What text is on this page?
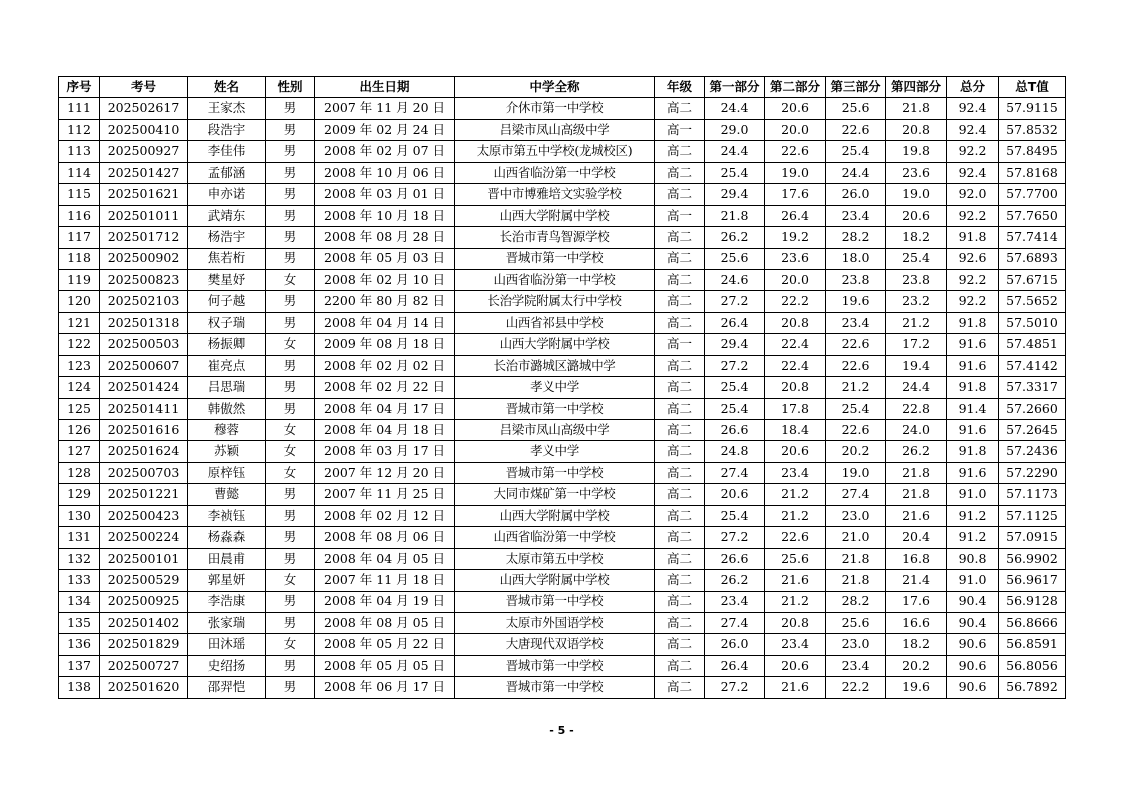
序号	考号	姓名	性别	出生日期	中学全称	年级	第一部分	第二部分	第三部分	第四部分	总分	总T值
111	202502617	王家杰	男	2007 年 11 月 20 日	介休市第一中学校	高二	24.4	20.6	25.6	21.8	92.4	57.9115
112	202500410	段浩宇	男	2009 年 02 月 24 日	吕梁市凤山高级中学	高一	29.0	20.0	22.6	20.8	92.4	57.8532
113	202500927	李佳伟	男	2008 年 02 月 07 日	太原市第五中学校(龙城校区)	高二	24.4	22.6	25.4	19.8	92.2	57.8495
114	202501427	孟郁涵	男	2008 年 10 月 06 日	山西省临汾第一中学校	高二	25.4	19.0	24.4	23.6	92.4	57.8168
115	202501621	申亦诺	男	2008 年 03 月 01 日	晋中市博雅培文实验学校	高二	29.4	17.6	26.0	19.0	92.0	57.7700
116	202501011	武靖东	男	2008 年 10 月 18 日	山西大学附属中学校	高一	21.8	26.4	23.4	20.6	92.2	57.7650
117	202501712	杨浩宇	男	2008 年 08 月 28 日	长治市青鸟智源学校	高二	26.2	19.2	28.2	18.2	91.8	57.7414
118	202500902	焦若桁	男	2008 年 05 月 03 日	晋城市第一中学校	高二	25.6	23.6	18.0	25.4	92.6	57.6893
119	202500823	樊星妤	女	2008 年 02 月 10 日	山西省临汾第一中学校	高二	24.6	20.0	23.8	23.8	92.2	57.6715
120	202502103	何子越	男	2200 年 80 月 82 日	长治学院附属太行中学校	高二	27.2	22.2	19.6	23.2	92.2	57.5652
121	202501318	权子瑞	男	2008 年 04 月 14 日	山西省祁县中学校	高二	26.4	20.8	23.4	21.2	91.8	57.5010
122	202500503	杨振卿	女	2009 年 08 月 18 日	山西大学附属中学校	高一	29.4	22.4	22.6	17.2	91.6	57.4851
123	202500607	崔亮点	男	2008 年 02 月 02 日	长治市潞城区潞城中学	高二	27.2	22.4	22.6	19.4	91.6	57.4142
124	202501424	吕思瑞	男	2008 年 02 月 22 日	孝义中学	高二	25.4	20.8	21.2	24.4	91.8	57.3317
125	202501411	韩傲然	男	2008 年 04 月 17 日	晋城市第一中学校	高二	25.4	17.8	25.4	22.8	91.4	57.2660
126	202501616	穆蓉	女	2008 年 04 月 18 日	吕梁市凤山高级中学	高二	26.6	18.4	22.6	24.0	91.6	57.2645
127	202501624	苏颖	女	2008 年 03 月 17 日	孝义中学	高二	24.8	20.6	20.2	26.2	91.8	57.2436
128	202500703	原梓钰	女	2007 年 12 月 20 日	晋城市第一中学校	高二	27.4	23.4	19.0	21.8	91.6	57.2290
129	202501221	曹懿	男	2007 年 11 月 25 日	大同市煤矿第一中学校	高二	20.6	21.2	27.4	21.8	91.0	57.1173
130	202500423	李祯钰	男	2008 年 02 月 12 日	山西大学附属中学校	高二	25.4	21.2	23.0	21.6	91.2	57.1125
131	202500224	杨淼森	男	2008 年 08 月 06 日	山西省临汾第一中学校	高二	27.2	22.6	21.0	20.4	91.2	57.0915
132	202500101	田晨甫	男	2008 年 04 月 05 日	太原市第五中学校	高二	26.6	25.6	21.8	16.8	90.8	56.9902
133	202500529	郭星妍	女	2007 年 11 月 18 日	山西大学附属中学校	高二	26.2	21.6	21.8	21.4	91.0	56.9617
134	202500925	李浩康	男	2008 年 04 月 19 日	晋城市第一中学校	高二	23.4	21.2	28.2	17.6	90.4	56.9128
135	202501402	张家瑞	男	2008 年 08 月 05 日	太原市外国语学校	高二	27.4	20.8	25.6	16.6	90.4	56.8666
136	202501829	田沐瑶	女	2008 年 05 月 22 日	大唐现代双语学校	高二	26.0	23.4	23.0	18.2	90.6	56.8591
137	202500727	史绍扬	男	2008 年 05 月 05 日	晋城市第一中学校	高二	26.4	20.6	23.4	20.2	90.6	56.8056
138	202501620	邵羿恺	男	2008 年 06 月 17 日	晋城市第一中学校	高二	27.2	21.6	22.2	19.6	90.6	56.7892
- 5 -
